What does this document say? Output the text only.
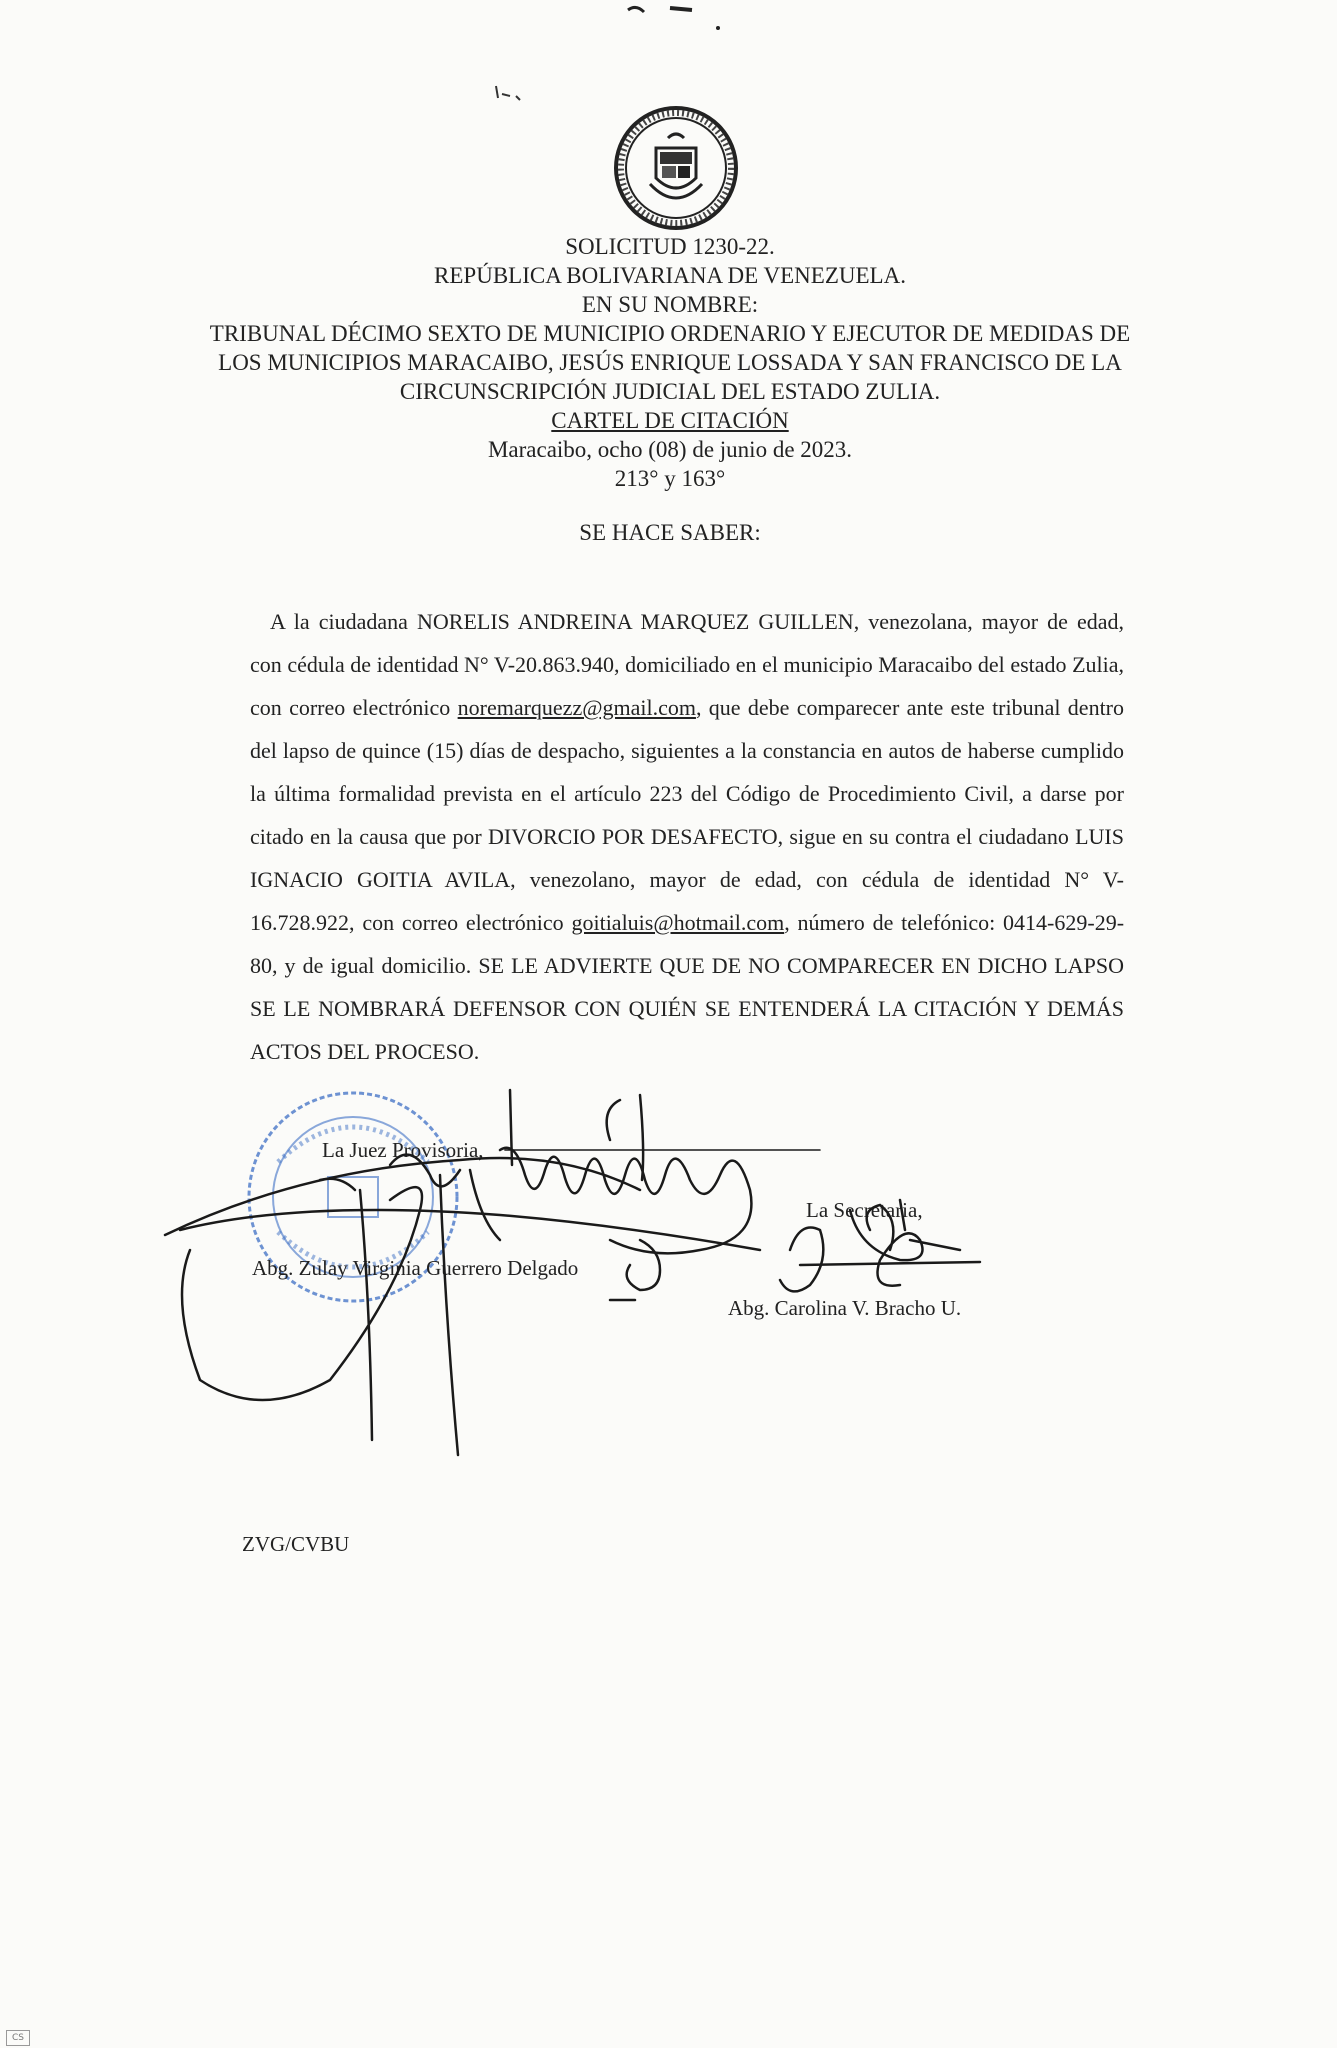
SOLICITUD 1230-22.
REPÚBLICA BOLIVARIANA DE VENEZUELA.
EN SU NOMBRE:
TRIBUNAL DÉCIMO SEXTO DE MUNICIPIO ORDENARIO Y EJECUTOR DE MEDIDAS DE
LOS MUNICIPIOS MARACAIBO, JESÚS ENRIQUE LOSSADA Y SAN FRANCISCO DE LA
CIRCUNSCRIPCIÓN JUDICIAL DEL ESTADO ZULIA.
CARTEL DE CITACIÓN
Maracaibo, ocho (08) de junio de 2023.
213° y 163°
SE HACE SABER:

A la ciudadana NORELIS ANDREINA MARQUEZ GUILLEN, venezolana, mayor de edad, con cédula de identidad N° V-20.863.940, domiciliado en el municipio Maracaibo del estado Zulia, con correo electrónico noremarquezz@gmail.com, que debe comparecer ante este tribunal dentro del lapso de quince (15) días de despacho, siguientes a la constancia en autos de haberse cumplido la última formalidad prevista en el artículo 223 del Código de Procedimiento Civil, a darse por citado en la causa que por DIVORCIO POR DESAFECTO, sigue en su contra el ciudadano LUIS IGNACIO GOITIA AVILA, venezolano, mayor de edad, con cédula de identidad N° V-16.728.922, con correo electrónico goitialuis@hotmail.com, número de telefónico: 0414-629-29-80, y de igual domicilio. SE LE ADVIERTE QUE DE NO COMPARECER EN DICHO LAPSO SE LE NOMBRARÁ DEFENSOR CON QUIÉN SE ENTENDERÁ LA CITACIÓN Y DEMÁS ACTOS DEL PROCESO.

La Juez Provisoria,
Abg. Zulay Virginia Guerrero Delgado
La Secretaria,
Abg. Carolina V. Bracho U.
ZVG/CVBU
CS
